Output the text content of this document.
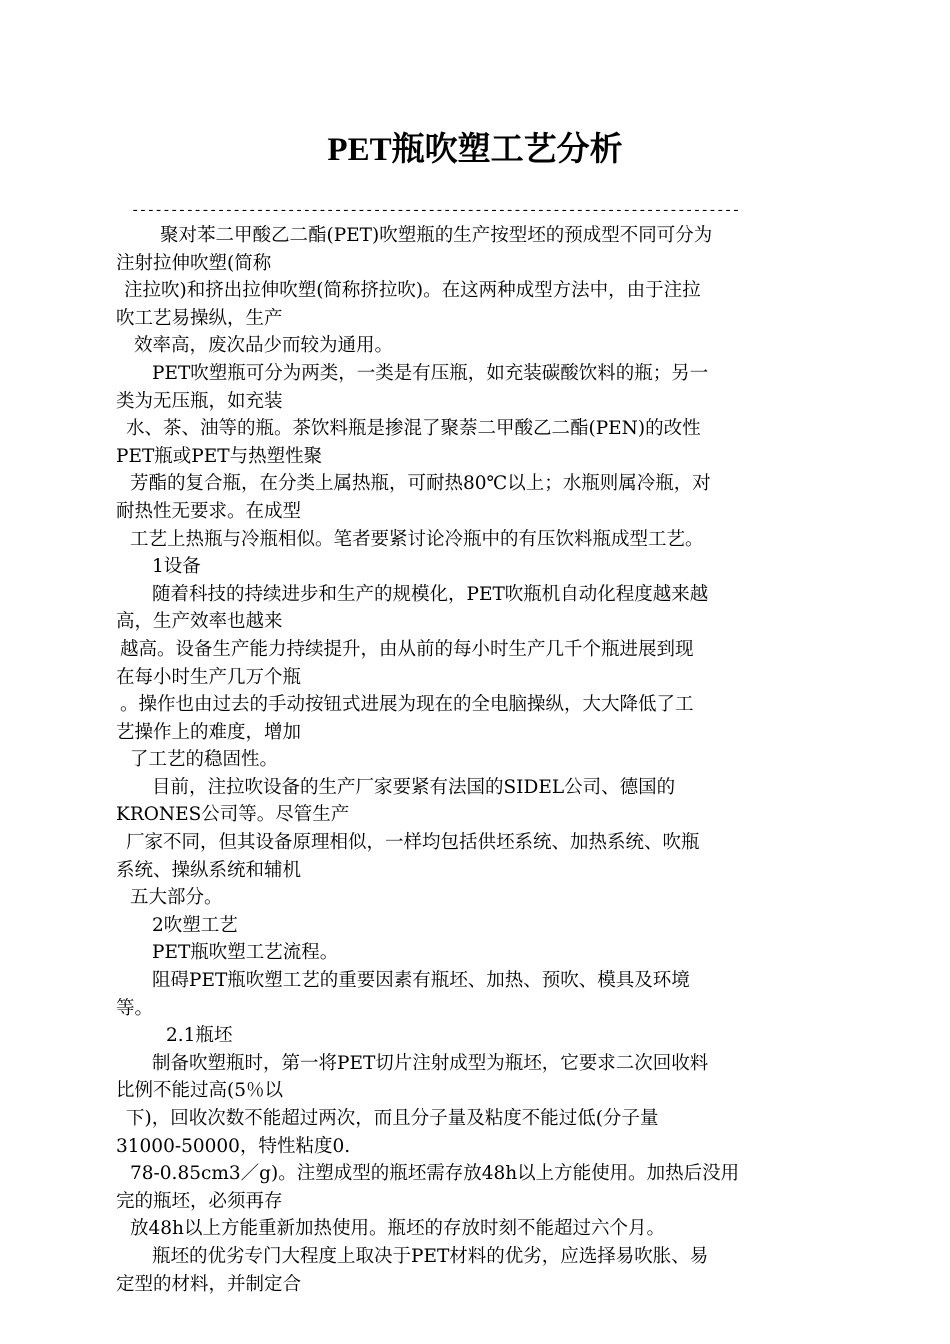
PET瓶吹塑工艺分析
------------------------------------------------------------------------------
聚对苯二甲酸乙二酯(PET)吹塑瓶的生产按型坯的预成型不同可分为
注射拉伸吹塑(简称
注拉吹)和挤出拉伸吹塑(简称挤拉吹)。在这两种成型方法中，由于注拉
吹工艺易操纵，生产
效率高，废次品少而较为通用。
PET吹塑瓶可分为两类，一类是有压瓶，如充装碳酸饮料的瓶；另一
类为无压瓶，如充装
水、茶、油等的瓶。茶饮料瓶是掺混了聚萘二甲酸乙二酯(PEN)的改性
PET瓶或PET与热塑性聚
芳酯的复合瓶，在分类上属热瓶，可耐热80℃以上；水瓶则属冷瓶，对
耐热性无要求。在成型
工艺上热瓶与冷瓶相似。笔者要紧讨论冷瓶中的有压饮料瓶成型工艺。
1设备
随着科技的持续进步和生产的规模化，PET吹瓶机自动化程度越来越
高，生产效率也越来
越高。设备生产能力持续提升，由从前的每小时生产几千个瓶进展到现
在每小时生产几万个瓶
。操作也由过去的手动按钮式进展为现在的全电脑操纵，大大降低了工
艺操作上的难度，增加
了工艺的稳固性。
目前，注拉吹设备的生产厂家要紧有法国的SIDEL公司、德国的
KRONES公司等。尽管生产
厂家不同，但其设备原理相似，一样均包括供坯系统、加热系统、吹瓶
系统、操纵系统和辅机
五大部分。
2吹塑工艺
PET瓶吹塑工艺流程。
阻碍PET瓶吹塑工艺的重要因素有瓶坯、加热、预吹、模具及环境
等。
2.1瓶坯
制备吹塑瓶时，第一将PET切片注射成型为瓶坯，它要求二次回收料
比例不能过高(5％以
下)，回收次数不能超过两次，而且分子量及粘度不能过低(分子量
31000-50000，特性粘度0.
78-0.85cm3／g)。注塑成型的瓶坯需存放48h以上方能使用。加热后没用
完的瓶坯，必须再存
放48h以上方能重新加热使用。瓶坯的存放时刻不能超过六个月。
瓶坯的优劣专门大程度上取决于PET材料的优劣，应选择易吹胀、易
定型的材料，并制定合
